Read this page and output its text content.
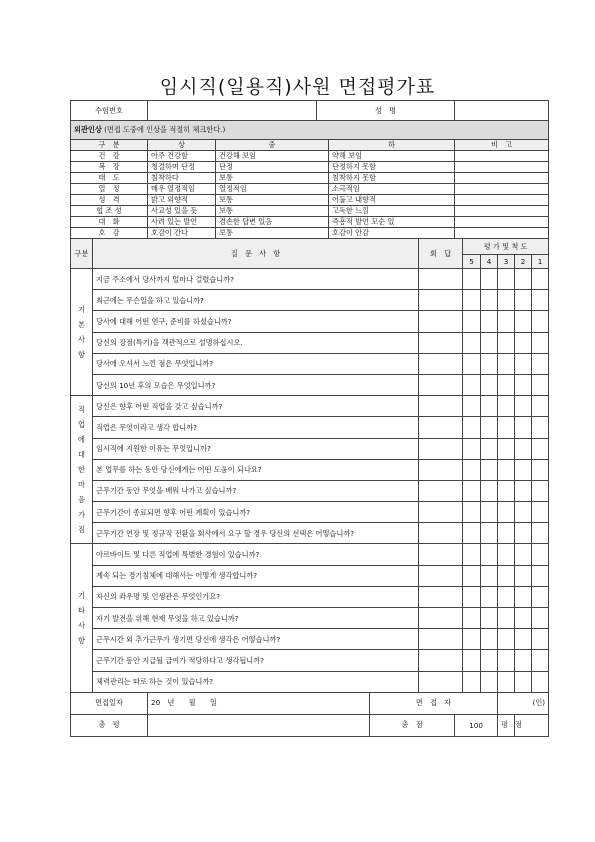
임시직(일용직)사원 면접평가표
수험번호				성　명									
외관인상 (면접 도중에 인상을 적절히 체크한다.)													
구　분		상	중		하			비　고					
건　강		아주 건강함	건강해 보임		약해 보임								
복　장		청결하며 단정	단정		단정하지 못함								
태　도		침착하다	보통		침착하지 못함								
열　정		매우 열정적임	열정적임		소극적임								
성　격		밝고 외향적	보통		어둡고 내향적								
협 조 성		사교성 있을 듯	보통		고독한 느낌								
대　화		사려 있는 발언	겸손한 답변 있음		즉흥적 발언 모순 있								
호　감		호감이 간다	보통		호감이 안감								
구분	질　문　사　항						회　답		평 가 및 척 도				
									5	4	3	2	1
기본사항	지금 주소에서 당사까지 얼마나 걸렸습니까?												
	최근에는 무슨일을 하고 있습니까?												
	당사에 대해 어떤 연구, 준비를 하셨습니까?												
	당신의 장점(특기)을 객관적으로 설명하십시오.												
	당사에 오셔서 느낀 점은 무엇입니까?												
	당신의 10년 후의 모습은 무엇입니까?												
직업에대한마음가짐	당신은 향후 어떤 직업을 갖고 싶습니까?												
	직업은 무엇이라고 생각 합니까?												
	임시직에 지원한 이유는 무엇입니까?												
	본 업무를 하는 동안 당신에게는 어떤 도움이 되나요?												
	근무기간 동안 무엇을 배워 나가고 싶습니까?												
	근무기간이 종료되면 향후 어떤 계획이 있습니까?												
	근무기간 연장 및 정규직 전환을 회사에서 요구 할 경우 당신의 선택은 어떻습니까?												
기타사항	아르바이트 및 다른 직업에 특별한 경험이 있습니까?												
	계속 되는 경기침체에 대해서는 어떻게 생각합니까?												
	자신의 좌우명 및 인생관은 무엇인가요?												
	자기 발전을 위해 현재 무엇을 하고 있습니까?												
	근무시간 외 추가근무가 생기면 당신에 생각은 어떻습니까?												
	근무기간 동안 지급될 급여가 적당하다고 생각됩니까?												
	체력관리는 따로 하는 것이 있습니까?												
면접일자		20　년　　월　　일				면　접　자					(인)		
총　평						총　점		100			평　점		
